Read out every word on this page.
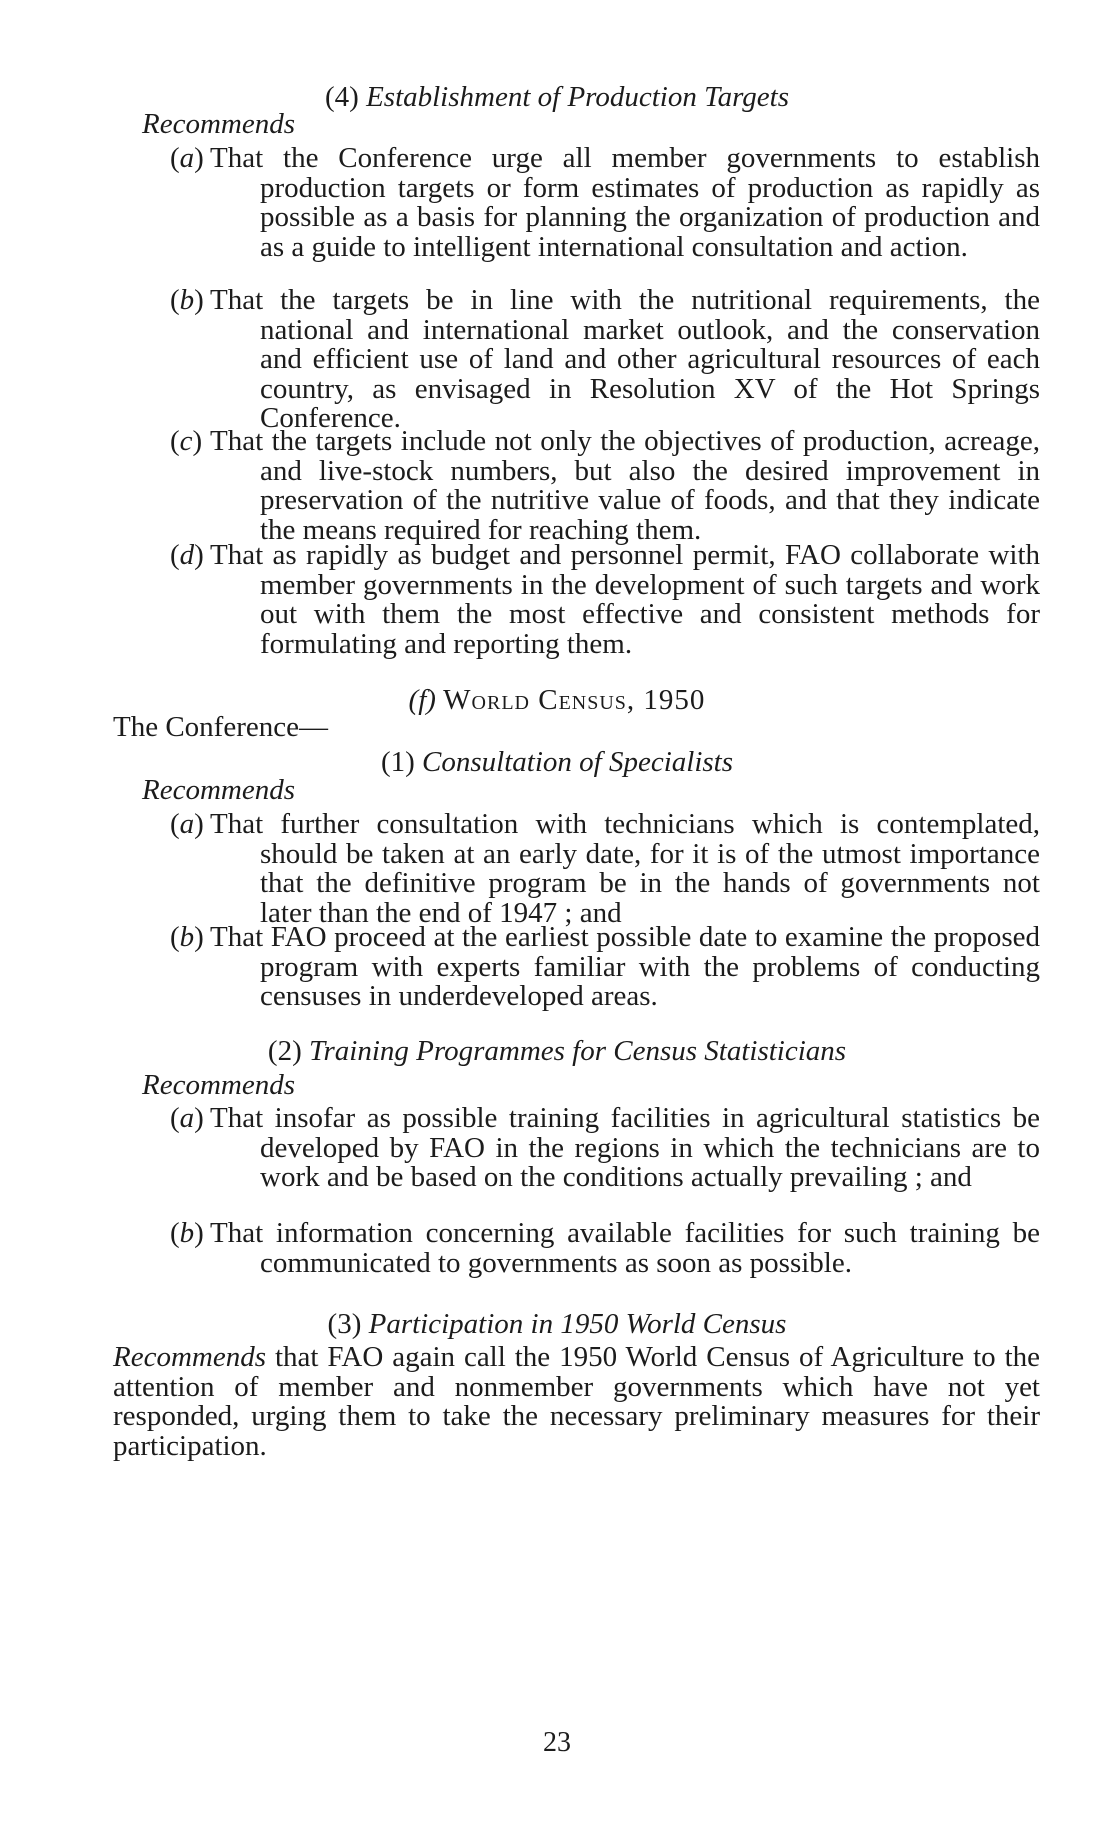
(4) Establishment of Production Targets
Recommends
(a) That the Conference urge all member governments to establish production targets or form estimates of production as rapidly as possible as a basis for planning the organization of production and as a guide to intelligent international consultation and action.
(b) That the targets be in line with the nutritional requirements, the national and international market outlook, and the conservation and efficient use of land and other agricultural resources of each country, as envisaged in Resolution XV of the Hot Springs Conference.
(c) That the targets include not only the objectives of production, acreage, and live-stock numbers, but also the desired improvement in preservation of the nutritive value of foods, and that they indicate the means required for reaching them.
(d) That as rapidly as budget and personnel permit, FAO collaborate with member governments in the development of such targets and work out with them the most effective and consistent methods for formulating and reporting them.
(f) World Census, 1950
The Conference—
(1) Consultation of Specialists
Recommends
(a) That further consultation with technicians which is contemplated, should be taken at an early date, for it is of the utmost importance that the definitive program be in the hands of governments not later than the end of 1947 ; and
(b) That FAO proceed at the earliest possible date to examine the proposed program with experts familiar with the problems of conducting censuses in underdeveloped areas.
(2) Training Programmes for Census Statisticians
Recommends
(a) That insofar as possible training facilities in agricultural statistics be developed by FAO in the regions in which the technicians are to work and be based on the conditions actually prevailing ; and
(b) That information concerning available facilities for such training be communicated to governments as soon as possible.
(3) Participation in 1950 World Census
Recommends that FAO again call the 1950 World Census of Agriculture to the attention of member and nonmember governments which have not yet responded, urging them to take the necessary preliminary measures for their participation.
23
